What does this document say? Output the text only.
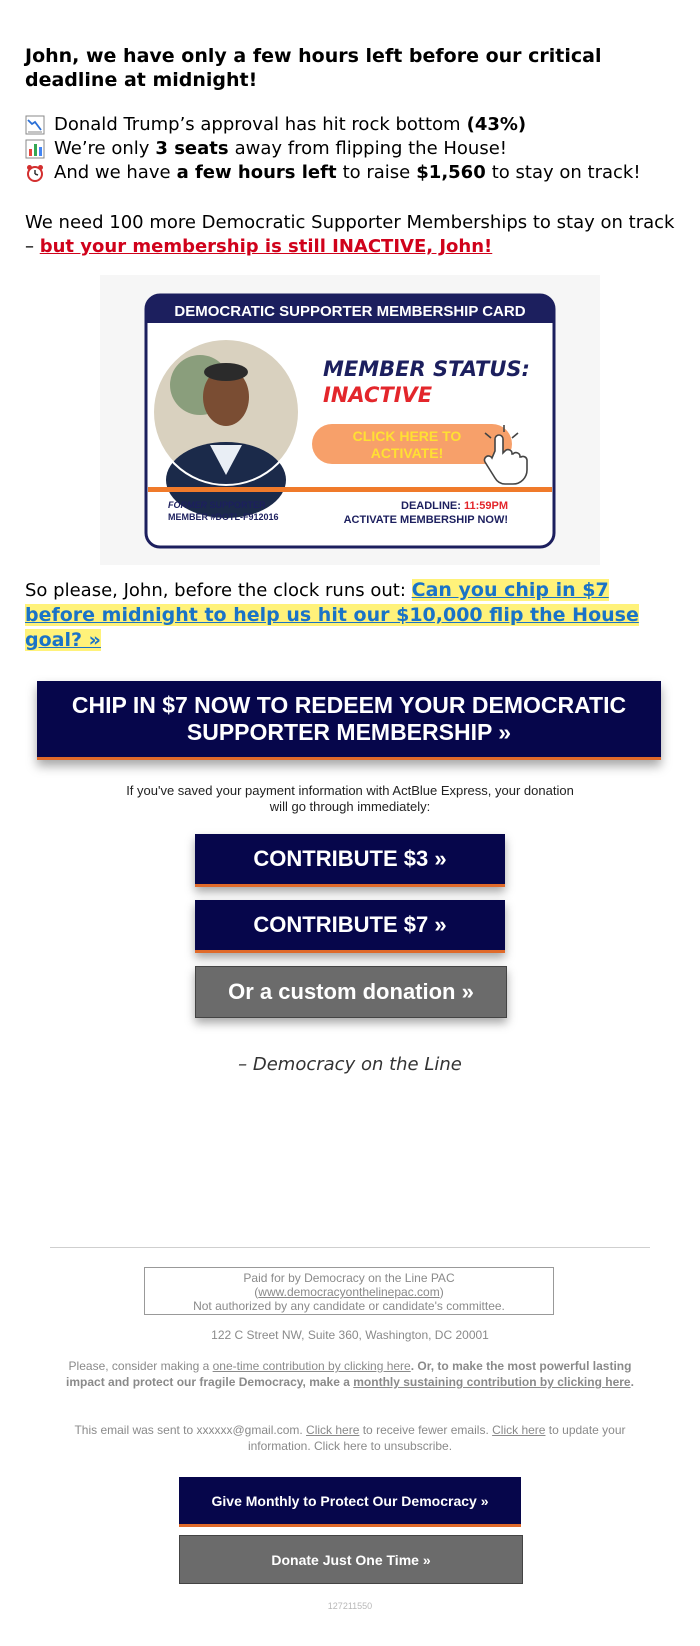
John, we have only a few hours left before our critical deadline at midnight!
Donald Trump’s approval has hit rock bottom (43%)
We’re only 3 seats away from flipping the House!
And we have a few hours left to raise $1,560 to stay on track!
We need 100 more Democratic Supporter Memberships to stay on track – but your membership is still INACTIVE, John!
DEMOCRATIC SUPPORTER MEMBERSHIP CARD
MEMBER STATUS:
INACTIVE
CLICK HERE TO
ACTIVATE!
FORMER SUPPORTER
MEMBER #DOTL-F912016
DEADLINE: 11:59PM
ACTIVATE MEMBERSHIP NOW!
So please, John, before the clock runs out: Can you chip in $7 before midnight to help us hit our $10,000 flip the House goal? »
CHIP IN $7 NOW TO REDEEM YOUR DEMOCRATIC
SUPPORTER MEMBERSHIP »
If you've saved your payment information with ActBlue Express, your donation will go through immediately:
CONTRIBUTE $3 »
CONTRIBUTE $7 »
Or a custom donation »
– Democracy on the Line
Paid for by Democracy on the Line PAC
(www.democracyonthelinepac.com)
Not authorized by any candidate or candidate's committee.
122 C Street NW, Suite 360, Washington, DC 20001
Please, consider making a one-time contribution by clicking here. Or, to make the most powerful lasting impact and protect our fragile Democracy, make a monthly sustaining contribution by clicking here.
This email was sent to xxxxxx@gmail.com. Click here to receive fewer emails. Click here to update your information. Click here to unsubscribe.
Give Monthly to Protect Our Democracy »
Donate Just One Time »
127211550
